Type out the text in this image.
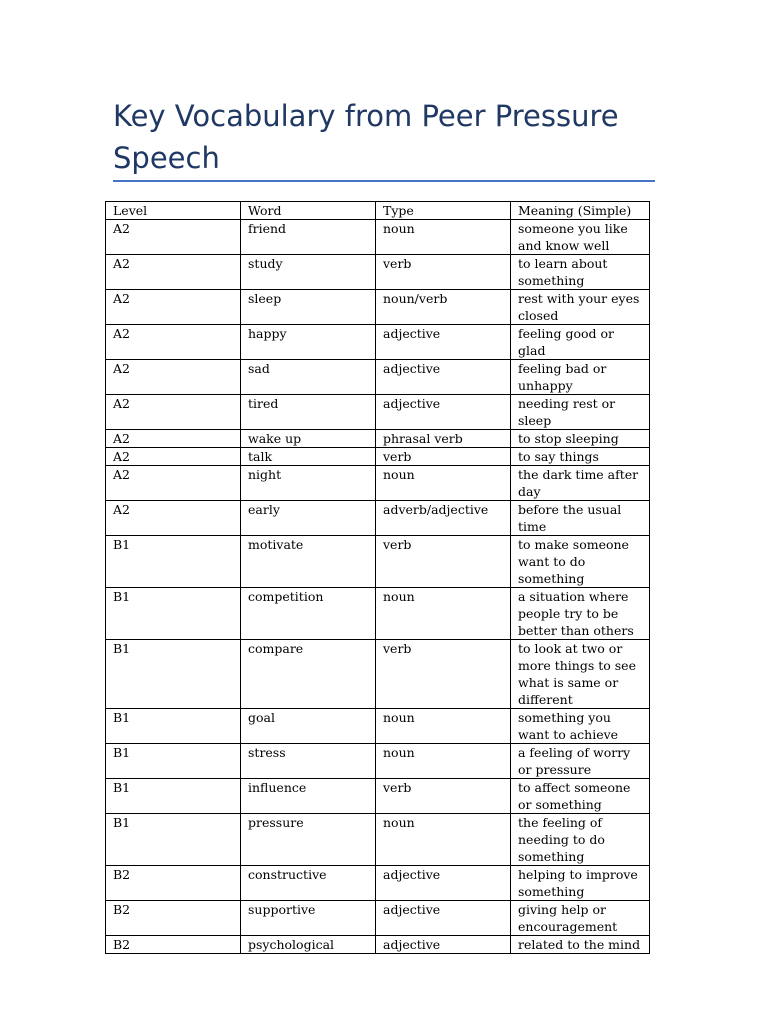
Key Vocabulary from Peer Pressure Speech
Level	Word	Type	Meaning (Simple)
A2	friend	noun	someone you like and know well
A2	study	verb	to learn about something
A2	sleep	noun/verb	rest with your eyes closed
A2	happy	adjective	feeling good or glad
A2	sad	adjective	feeling bad or unhappy
A2	tired	adjective	needing rest or sleep
A2	wake up	phrasal verb	to stop sleeping
A2	talk	verb	to say things
A2	night	noun	the dark time after day
A2	early	adverb/adjective	before the usual time
B1	motivate	verb	to make someone want to do something
B1	competition	noun	a situation where people try to be better than others
B1	compare	verb	to look at two or more things to see what is same or different
B1	goal	noun	something you want to achieve
B1	stress	noun	a feeling of worry or pressure
B1	influence	verb	to affect someone or something
B1	pressure	noun	the feeling of needing to do something
B2	constructive	adjective	helping to improve something
B2	supportive	adjective	giving help or encouragement
B2	psychological	adjective	related to the mind
